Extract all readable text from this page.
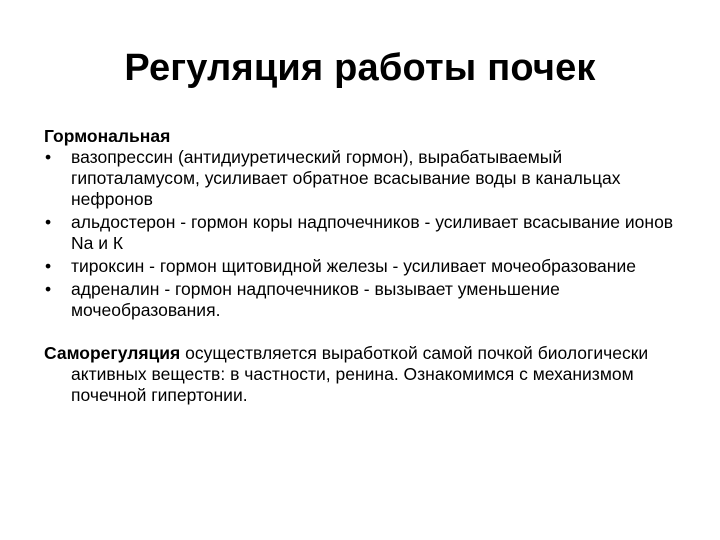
Регуляция работы почек
Гормональная
• вазопрессин (антидиуретический гормон), вырабатываемый гипоталамусом, усиливает обратное всасывание воды в канальцах нефронов
• альдостерон - гормон коры надпочечников - усиливает всасывание ионов Nа и К
• тироксин - гормон щитовидной железы - усиливает мочеобразование
• адреналин - гормон надпочечников - вызывает уменьшение мочеобразования.
Саморегуляция осуществляется выработкой самой почкой биологически активных веществ: в частности, ренина. Ознакомимся с механизмом почечной гипертонии.
